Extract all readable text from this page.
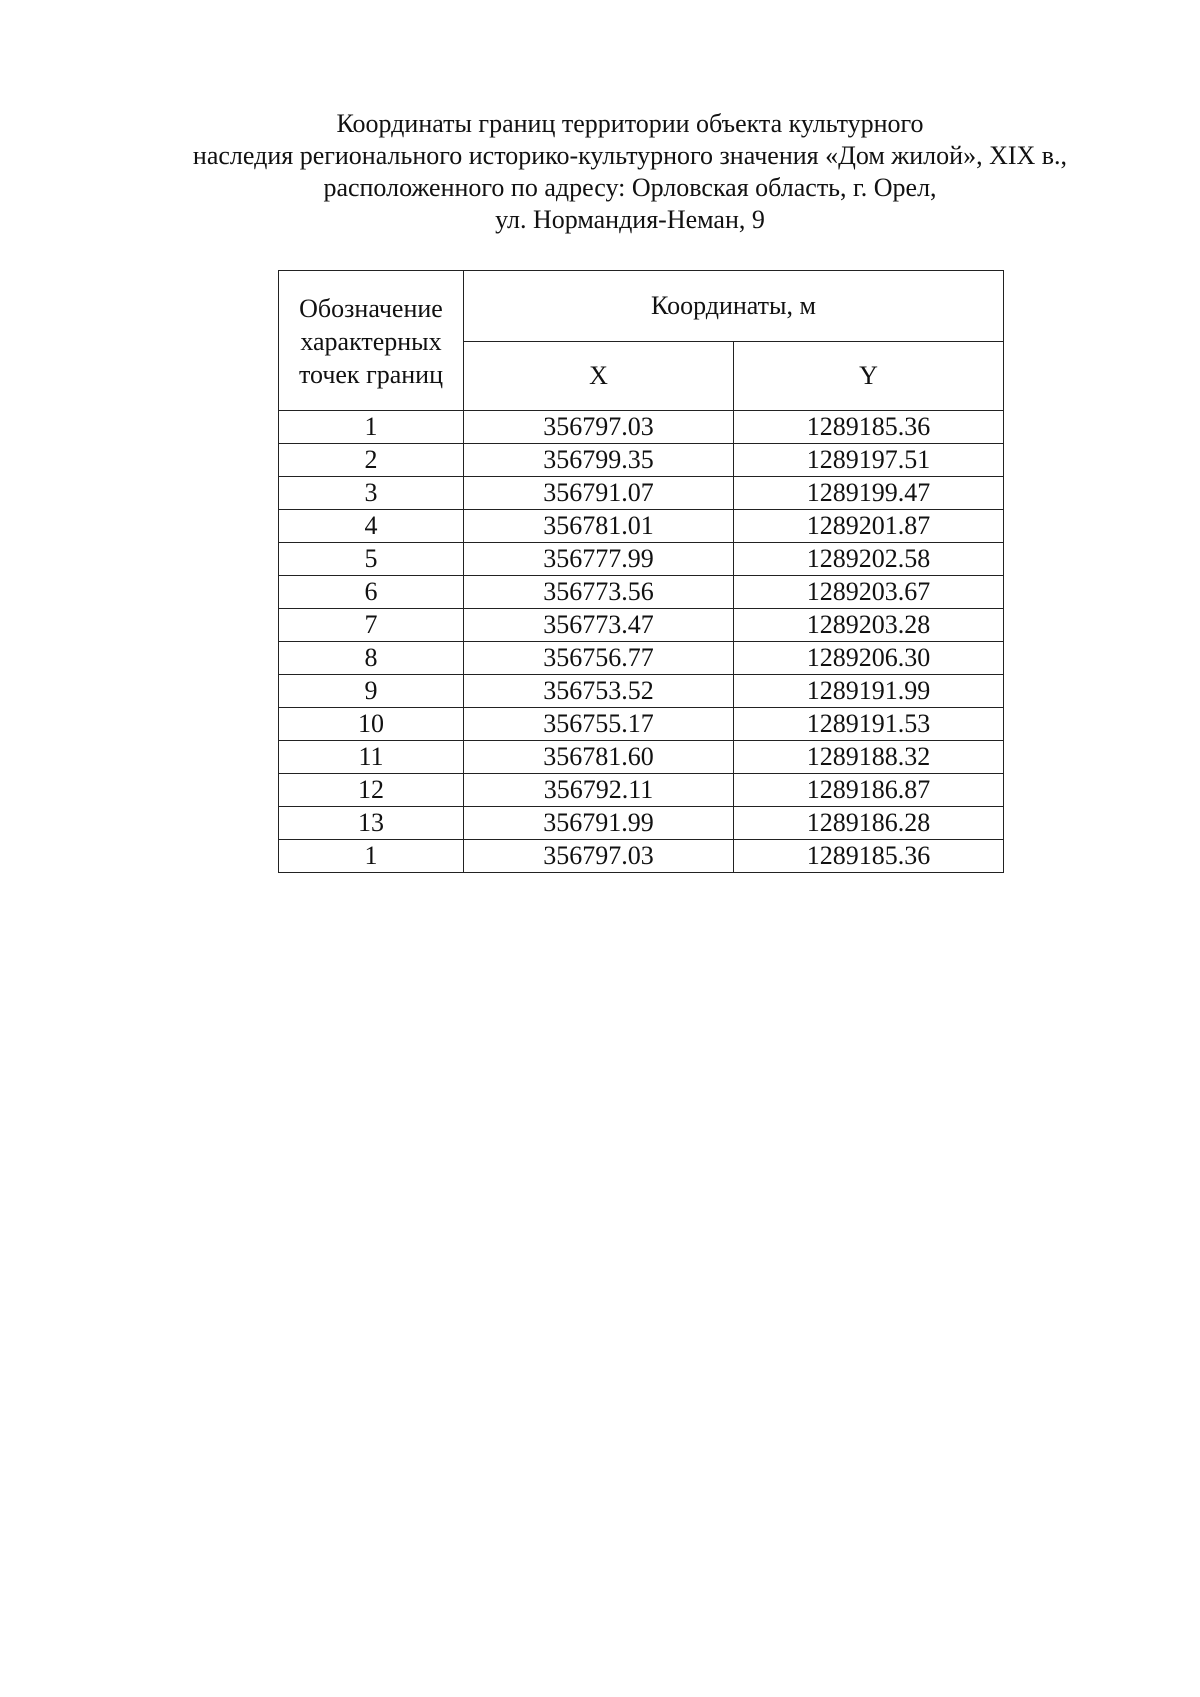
Координаты границ территории объекта культурного
наследия регионального историко-культурного значения «Дом жилой», XIX в.,
расположенного по адресу: Орловская область, г. Орел,
ул. Нормандия-Неман, 9
Обозначение характерных точек границ	Координаты, м	
	X	Y
1	356797.03	1289185.36
2	356799.35	1289197.51
3	356791.07	1289199.47
4	356781.01	1289201.87
5	356777.99	1289202.58
6	356773.56	1289203.67
7	356773.47	1289203.28
8	356756.77	1289206.30
9	356753.52	1289191.99
10	356755.17	1289191.53
11	356781.60	1289188.32
12	356792.11	1289186.87
13	356791.99	1289186.28
1	356797.03	1289185.36
